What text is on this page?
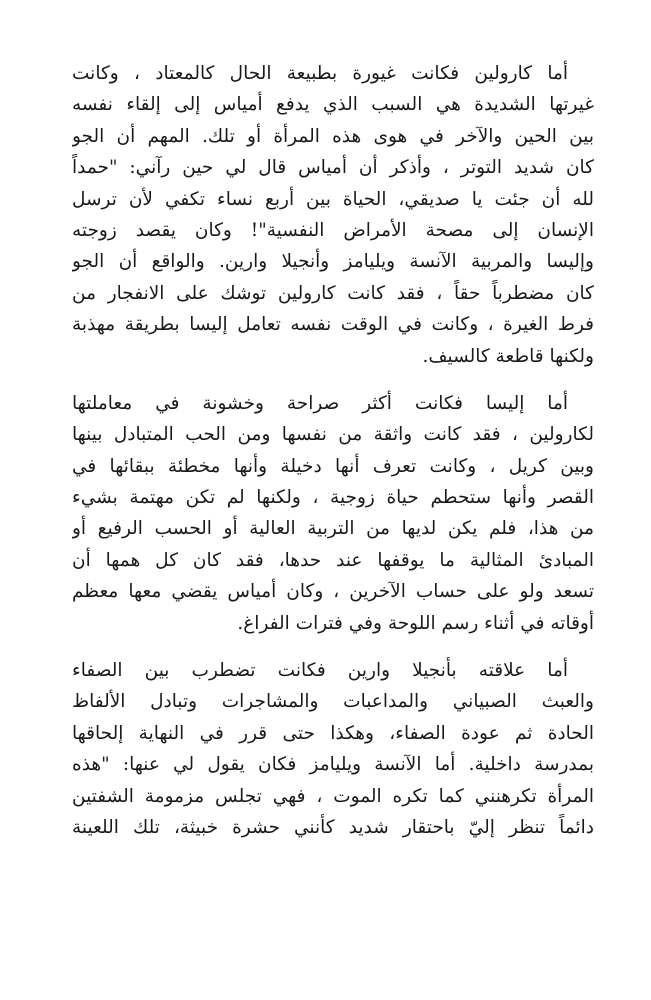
أما كارولين فكانت غيورة بطبيعة الحال كالمعتاد ، وكانت
غيرتها الشديدة هي السبب الذي يدفع أمياس إلى إلقاء نفسه
بين الحين والآخر في هوى هذه المرأة أو تلك. المهم أن الجو
كان شديد التوتر ، وأذكر أن أمياس قال لي حين رآني: "حمداً
لله أن جئت يا صديقي، الحياة بين أربع نساء تكفي لأن ترسل
الإنسان إلى مصحة الأمراض النفسية"! وكان يقصد زوجته
وإليسا والمربية الآنسة ويليامز وأنجيلا وارين. والواقع أن الجو
كان مضطرباً حقاً ، فقد كانت كارولين توشك على الانفجار من
فرط الغيرة ، وكانت في الوقت نفسه تعامل إليسا بطريقة مهذبة
ولكنها قاطعة كالسيف.
أما إليسا فكانت أكثر صراحة وخشونة في معاملتها
لكارولين ، فقد كانت واثقة من نفسها ومن الحب المتبادل بينها
وبين كريل ، وكانت تعرف أنها دخيلة وأنها مخطئة ببقائها في
القصر وأنها ستحطم حياة زوجية ، ولكنها لم تكن مهتمة بشيء
من هذا، فلم يكن لديها من التربية العالية أو الحسب الرفيع أو
المبادئ المثالية ما يوقفها عند حدها، فقد كان كل همها أن
تسعد ولو على حساب الآخرين ، وكان أمياس يقضي معها معظم
أوقاته في أثناء رسم اللوحة وفي فترات الفراغ.
أما علاقته بأنجيلا وارين فكانت تضطرب بين الصفاء
والعبث الصبياني والمداعبات والمشاجرات وتبادل الألفاظ
الحادة ثم عودة الصفاء، وهكذا حتى قرر في النهاية إلحاقها
بمدرسة داخلية. أما الآنسة ويليامز فكان يقول لي عنها: "هذه
المرأة تكرهنني كما تكره الموت ، فهي تجلس مزمومة الشفتين
دائماً تنظر إليّ باحتقار شديد كأنني حشرة خبيثة، تلك اللعينة
